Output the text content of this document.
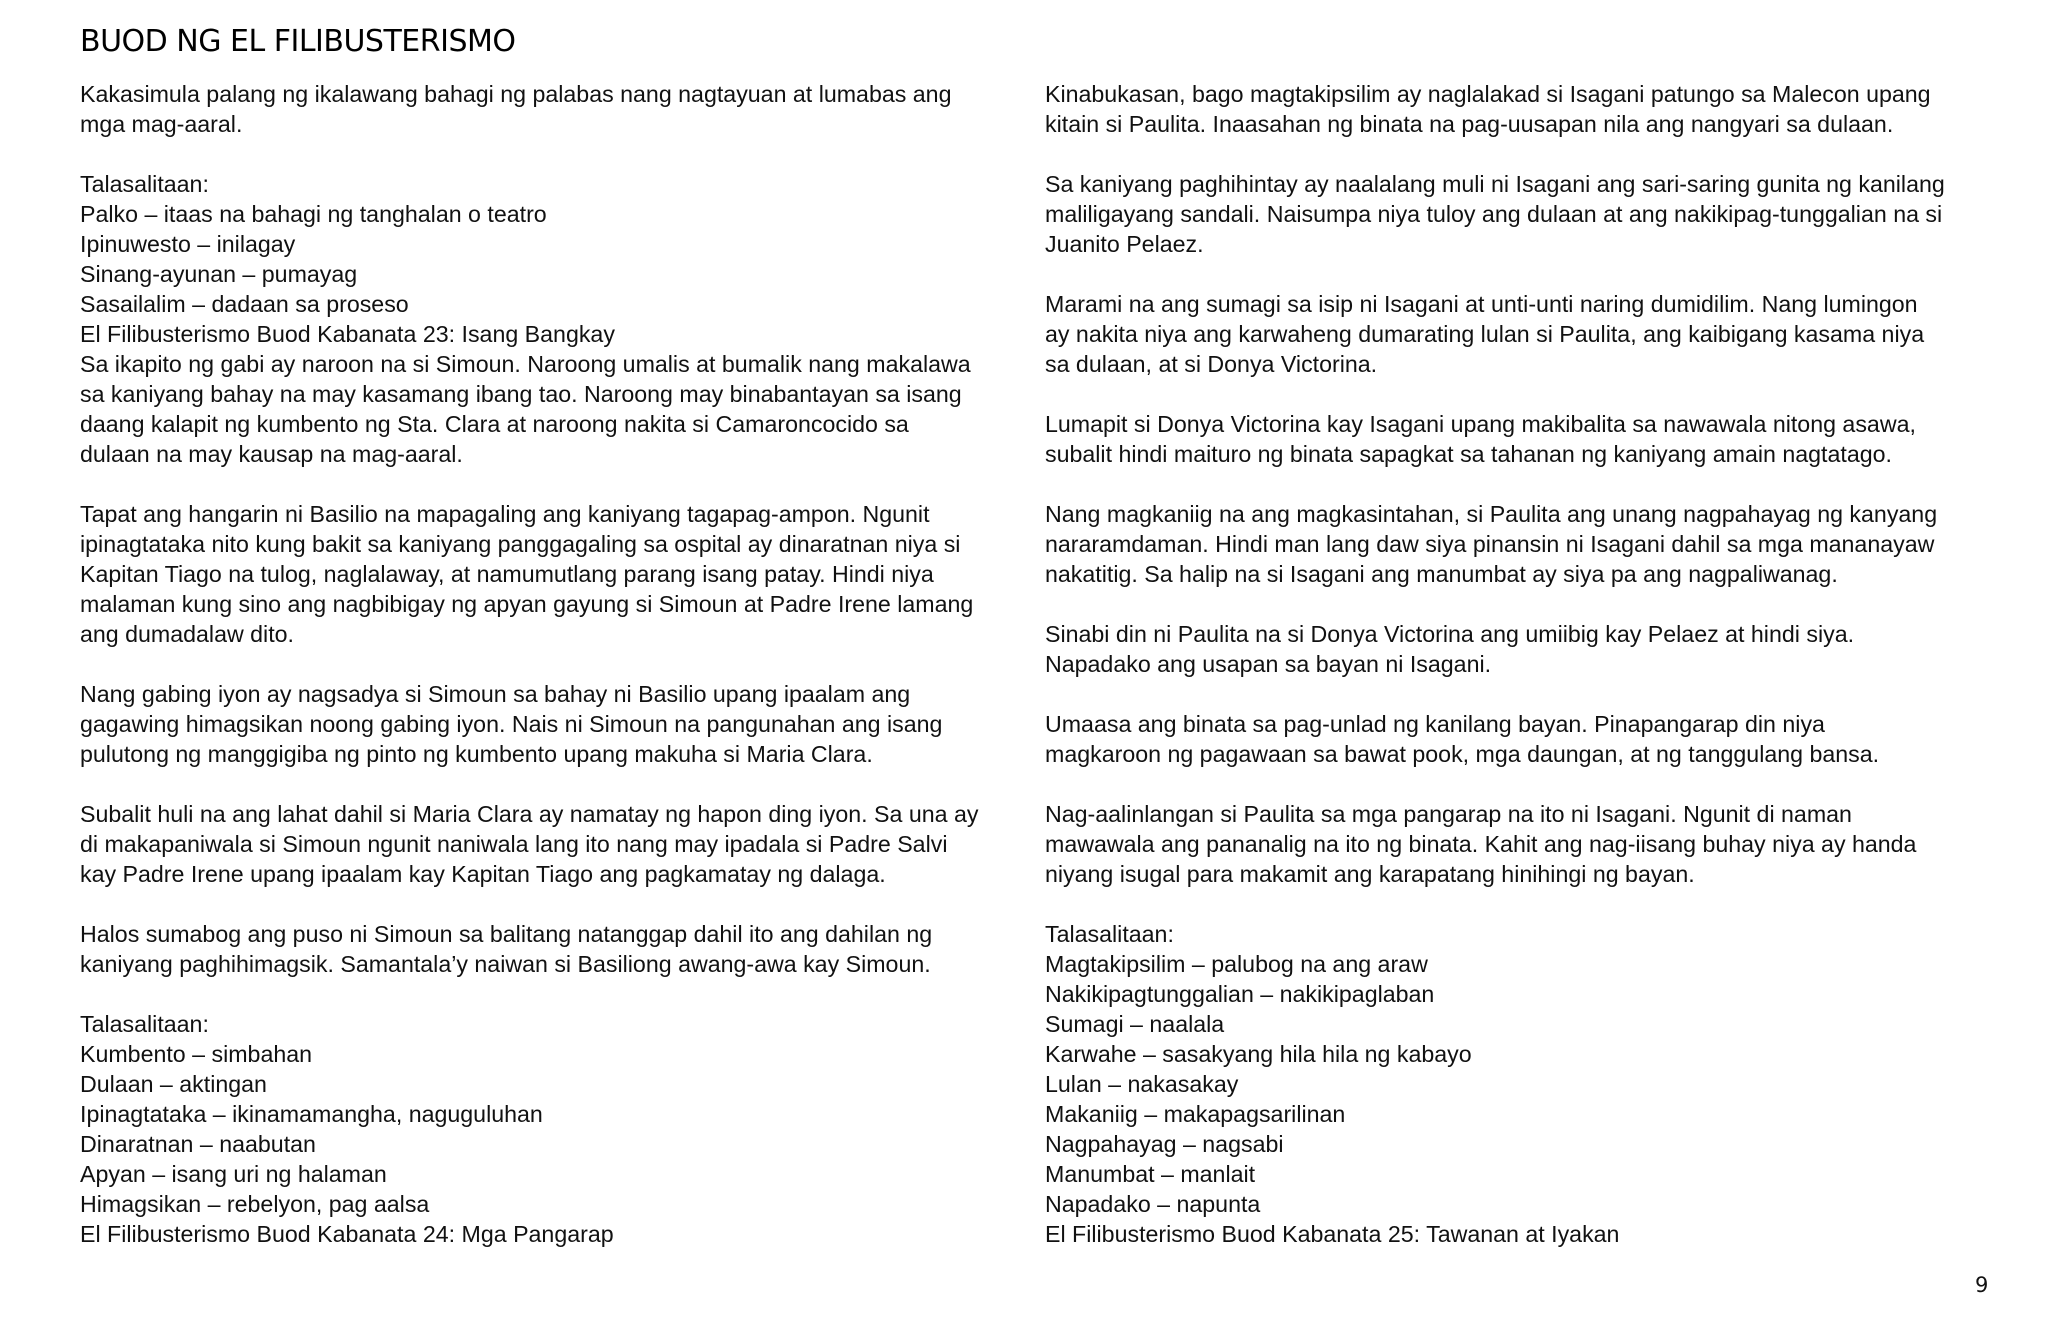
BUOD NG EL FILIBUSTERISMO
Kakasimula palang ng ikalawang bahagi ng palabas nang nagtayuan at lumabas ang
mga mag-aaral.
Talasalitaan:
Palko – itaas na bahagi ng tanghalan o teatro
Ipinuwesto – inilagay
Sinang-ayunan – pumayag
Sasailalim – dadaan sa proseso
El Filibusterismo Buod Kabanata 23: Isang Bangkay
Sa ikapito ng gabi ay naroon na si Simoun. Naroong umalis at bumalik nang makalawa
sa kaniyang bahay na may kasamang ibang tao. Naroong may binabantayan sa isang
daang kalapit ng kumbento ng Sta. Clara at naroong nakita si Camaroncocido sa
dulaan na may kausap na mag-aaral.
Tapat ang hangarin ni Basilio na mapagaling ang kaniyang tagapag-ampon. Ngunit
ipinagtataka nito kung bakit sa kaniyang panggagaling sa ospital ay dinaratnan niya si
Kapitan Tiago na tulog, naglalaway, at namumutlang parang isang patay. Hindi niya
malaman kung sino ang nagbibigay ng apyan gayung si Simoun at Padre Irene lamang
ang dumadalaw dito.
Nang gabing iyon ay nagsadya si Simoun sa bahay ni Basilio upang ipaalam ang
gagawing himagsikan noong gabing iyon. Nais ni Simoun na pangunahan ang isang
pulutong ng manggigiba ng pinto ng kumbento upang makuha si Maria Clara.
Subalit huli na ang lahat dahil si Maria Clara ay namatay ng hapon ding iyon. Sa una ay
di makapaniwala si Simoun ngunit naniwala lang ito nang may ipadala si Padre Salvi
kay Padre Irene upang ipaalam kay Kapitan Tiago ang pagkamatay ng dalaga.
Halos sumabog ang puso ni Simoun sa balitang natanggap dahil ito ang dahilan ng
kaniyang paghihimagsik. Samantala’y naiwan si Basiliong awang-awa kay Simoun.
Talasalitaan:
Kumbento – simbahan
Dulaan – aktingan
Ipinagtataka – ikinamamangha, naguguluhan
Dinaratnan – naabutan
Apyan – isang uri ng halaman
Himagsikan – rebelyon, pag aalsa
El Filibusterismo Buod Kabanata 24: Mga Pangarap
Kinabukasan, bago magtakipsilim ay naglalakad si Isagani patungo sa Malecon upang
kitain si Paulita. Inaasahan ng binata na pag-uusapan nila ang nangyari sa dulaan.
Sa kaniyang paghihintay ay naalalang muli ni Isagani ang sari-saring gunita ng kanilang
maliligayang sandali. Naisumpa niya tuloy ang dulaan at ang nakikipag-tunggalian na si
Juanito Pelaez.
Marami na ang sumagi sa isip ni Isagani at unti-unti naring dumidilim. Nang lumingon
ay nakita niya ang karwaheng dumarating lulan si Paulita, ang kaibigang kasama niya
sa dulaan, at si Donya Victorina.
Lumapit si Donya Victorina kay Isagani upang makibalita sa nawawala nitong asawa,
subalit hindi maituro ng binata sapagkat sa tahanan ng kaniyang amain nagtatago.
Nang magkaniig na ang magkasintahan, si Paulita ang unang nagpahayag ng kanyang
nararamdaman. Hindi man lang daw siya pinansin ni Isagani dahil sa mga mananayaw
nakatitig. Sa halip na si Isagani ang manumbat ay siya pa ang nagpaliwanag.
Sinabi din ni Paulita na si Donya Victorina ang umiibig kay Pelaez at hindi siya.
Napadako ang usapan sa bayan ni Isagani.
Umaasa ang binata sa pag-unlad ng kanilang bayan. Pinapangarap din niya
magkaroon ng pagawaan sa bawat pook, mga daungan, at ng tanggulang bansa.
Nag-aalinlangan si Paulita sa mga pangarap na ito ni Isagani. Ngunit di naman
mawawala ang pananalig na ito ng binata. Kahit ang nag-iisang buhay niya ay handa
niyang isugal para makamit ang karapatang hinihingi ng bayan.
Talasalitaan:
Magtakipsilim – palubog na ang araw
Nakikipagtunggalian – nakikipaglaban
Sumagi – naalala
Karwahe – sasakyang hila hila ng kabayo
Lulan – nakasakay
Makaniig – makapagsarilinan
Nagpahayag – nagsabi
Manumbat – manlait
Napadako – napunta
El Filibusterismo Buod Kabanata 25: Tawanan at Iyakan
9
